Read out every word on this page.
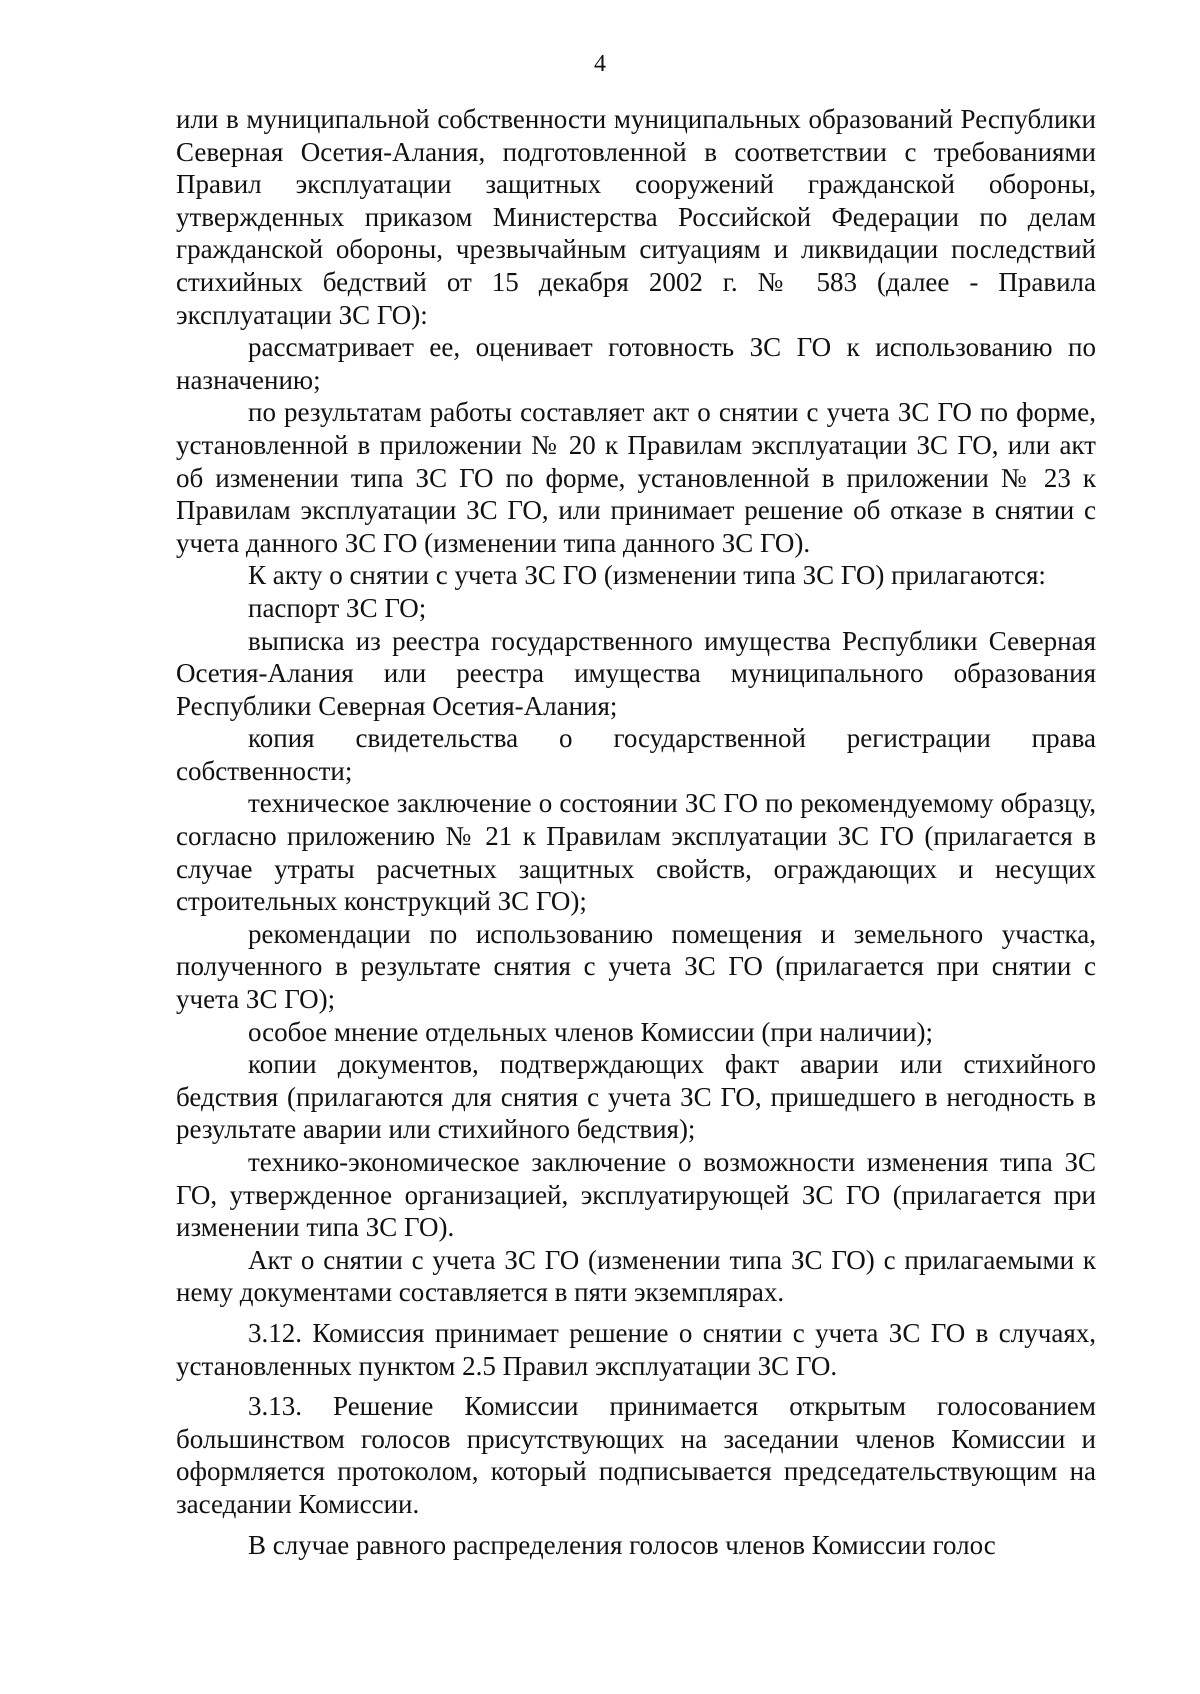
4

или в муниципальной собственности муниципальных образований Республики Северная Осетия-Алания, подготовленной в соответствии с требованиями Правил эксплуатации защитных сооружений гражданской обороны, утвержденных приказом Министерства Российской Федерации по делам гражданской обороны, чрезвычайным ситуациям и ликвидации последствий стихийных бедствий от 15 декабря 2002 г. № 583 (далее - Правила эксплуатации ЗС ГО):

рассматривает ее, оценивает готовность ЗС ГО к использованию по назначению;

по результатам работы составляет акт о снятии с учета ЗС ГО по форме, установленной в приложении № 20 к Правилам эксплуатации ЗС ГО, или акт об изменении типа ЗС ГО по форме, установленной в приложении № 23 к Правилам эксплуатации ЗС ГО, или принимает решение об отказе в снятии с учета данного ЗС ГО (изменении типа данного ЗС ГО).

К акту о снятии с учета ЗС ГО (изменении типа ЗС ГО) прилагаются:

паспорт ЗС ГО;

выписка из реестра государственного имущества Республики Северная Осетия-Алания или реестра имущества муниципального образования Республики Северная Осетия-Алания;

копия свидетельства о государственной регистрации права собственности;

техническое заключение о состоянии ЗС ГО по рекомендуемому образцу, согласно приложению № 21 к Правилам эксплуатации ЗС ГО (прилагается в случае утраты расчетных защитных свойств, ограждающих и несущих строительных конструкций ЗС ГО);

рекомендации по использованию помещения и земельного участка, полученного в результате снятия с учета ЗС ГО (прилагается при снятии с учета ЗС ГО);

особое мнение отдельных членов Комиссии (при наличии);

копии документов, подтверждающих факт аварии или стихийного бедствия (прилагаются для снятия с учета ЗС ГО, пришедшего в негодность в результате аварии или стихийного бедствия);

технико-экономическое заключение о возможности изменения типа ЗС ГО, утвержденное организацией, эксплуатирующей ЗС ГО (прилагается при изменении типа ЗС ГО).

Акт о снятии с учета ЗС ГО (изменении типа ЗС ГО) с прилагаемыми к нему документами составляется в пяти экземплярах.

3.12. Комиссия принимает решение о снятии с учета ЗС ГО в случаях, установленных пунктом 2.5 Правил эксплуатации ЗС ГО.

3.13. Решение Комиссии принимается открытым голосованием большинством голосов присутствующих на заседании членов Комиссии и оформляется протоколом, который подписывается председательствующим на заседании Комиссии.

В случае равного распределения голосов членов Комиссии голос
